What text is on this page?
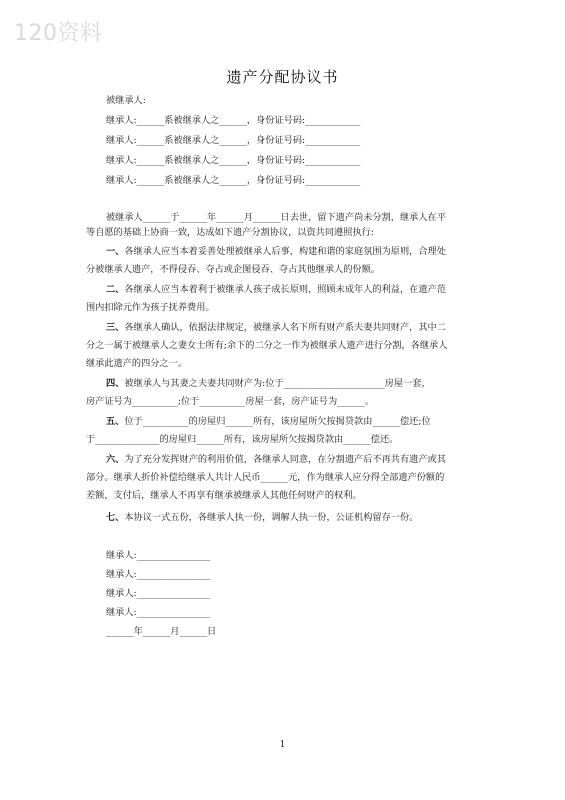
120资料
遗产分配协议书
被继承人:
继承人:______系被继承人之______，身份证号码:____________
继承人:______系被继承人之______，身份证号码:____________
继承人:______系被继承人之______，身份证号码:____________
继承人:______系被继承人之______，身份证号码:____________
被继承人______于______年______月______日去世，留下遗产尚未分割，继承人在平
等自愿的基础上协商一致，达成如下遗产分割协议，以资共同遵照执行:
一、各继承人应当本着妥善处理被继承人后事，构建和谐的家庭氛围为原则，合理处
分被继承人遗产，不得侵吞、夺占或企图侵吞、夺占其他继承人的份额。
二、各继承人应当本着利于被继承人孩子成长原则，照顾未成年人的利益，在遗产范
围内扣除元作为孩子抚养费用。
三、各继承人确认，依据法律规定，被继承人名下所有财产系夫妻共同财产，其中二
分之一属于被继承人之妻女士所有;余下的二分之一作为被继承人遗产进行分割，各继承人
继承此遗产的四分之一。
四、被继承人与其妻之夫妻共同财产为:位于______________________房屋一套，
房产证号为__________;位于__________房屋一套，房产证号为______。
五、位于__________的房屋归______所有，该房屋所欠按揭贷款由______偿还;位
于______________的房屋归______所有，该房屋所欠按揭贷款由______偿还。
六、为了充分发挥财产的利用价值，各继承人同意，在分割遗产后不再共有遗产或其
部分。继承人折价补偿给继承人共计人民币______元，作为继承人应分得全部遗产份额的
差额，支付后，继承人不再享有继承被继承人其他任何财产的权利。
七、本协议一式五份，各继承人执一份，调解人执一份，公证机构留存一份。
继承人:________________
继承人:________________
继承人:________________
继承人:________________
______年______月______日
1
